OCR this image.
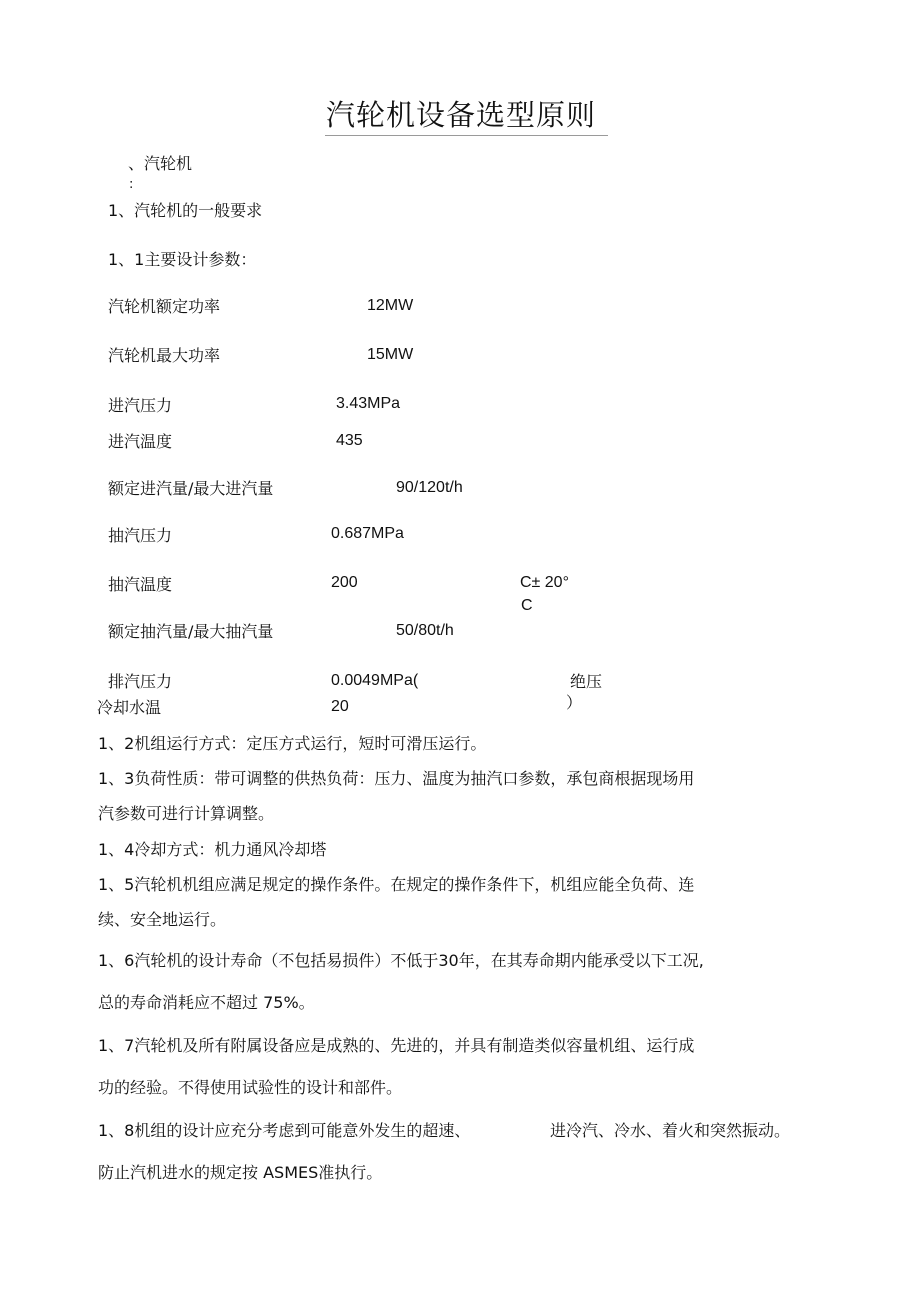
汽轮机设备选型原则
、汽轮机
:
1、汽轮机的一般要求
1、1主要设计参数：
汽轮机额定功率	12MW
汽轮机最大功率	15MW
进汽压力	3.43MPa
进汽温度	435
额定进汽量/最大进汽量	90/120t/h
抽汽压力	0.687MPa
抽汽温度	200	C± 20°
C
额定抽汽量/最大抽汽量	50/80t/h
排汽压力	0.0049MPa(	绝压
）
冷却水温	20
1、2机组运行方式：定压方式运行，短时可滑压运行。
1、3负荷性质：带可调整的供热负荷：压力、温度为抽汽口参数，承包商根据现场用
汽参数可进行计算调整。
1、4冷却方式：机力通风冷却塔
1、5汽轮机机组应满足规定的操作条件。在规定的操作条件下，机组应能全负荷、连
续、安全地运行。
1、6汽轮机的设计寿命（不包括易损件）不低于30年，在其寿命期内能承受以下工况,
总的寿命消耗应不超过 75%。
1、7汽轮机及所有附属设备应是成熟的、先进的，并具有制造类似容量机组、运行成
功的经验。不得使用试验性的设计和部件。
1、8机组的设计应充分考虑到可能意外发生的超速、	进冷汽、冷水、着火和突然振动。
防止汽机进水的规定按 ASMES准执行。
